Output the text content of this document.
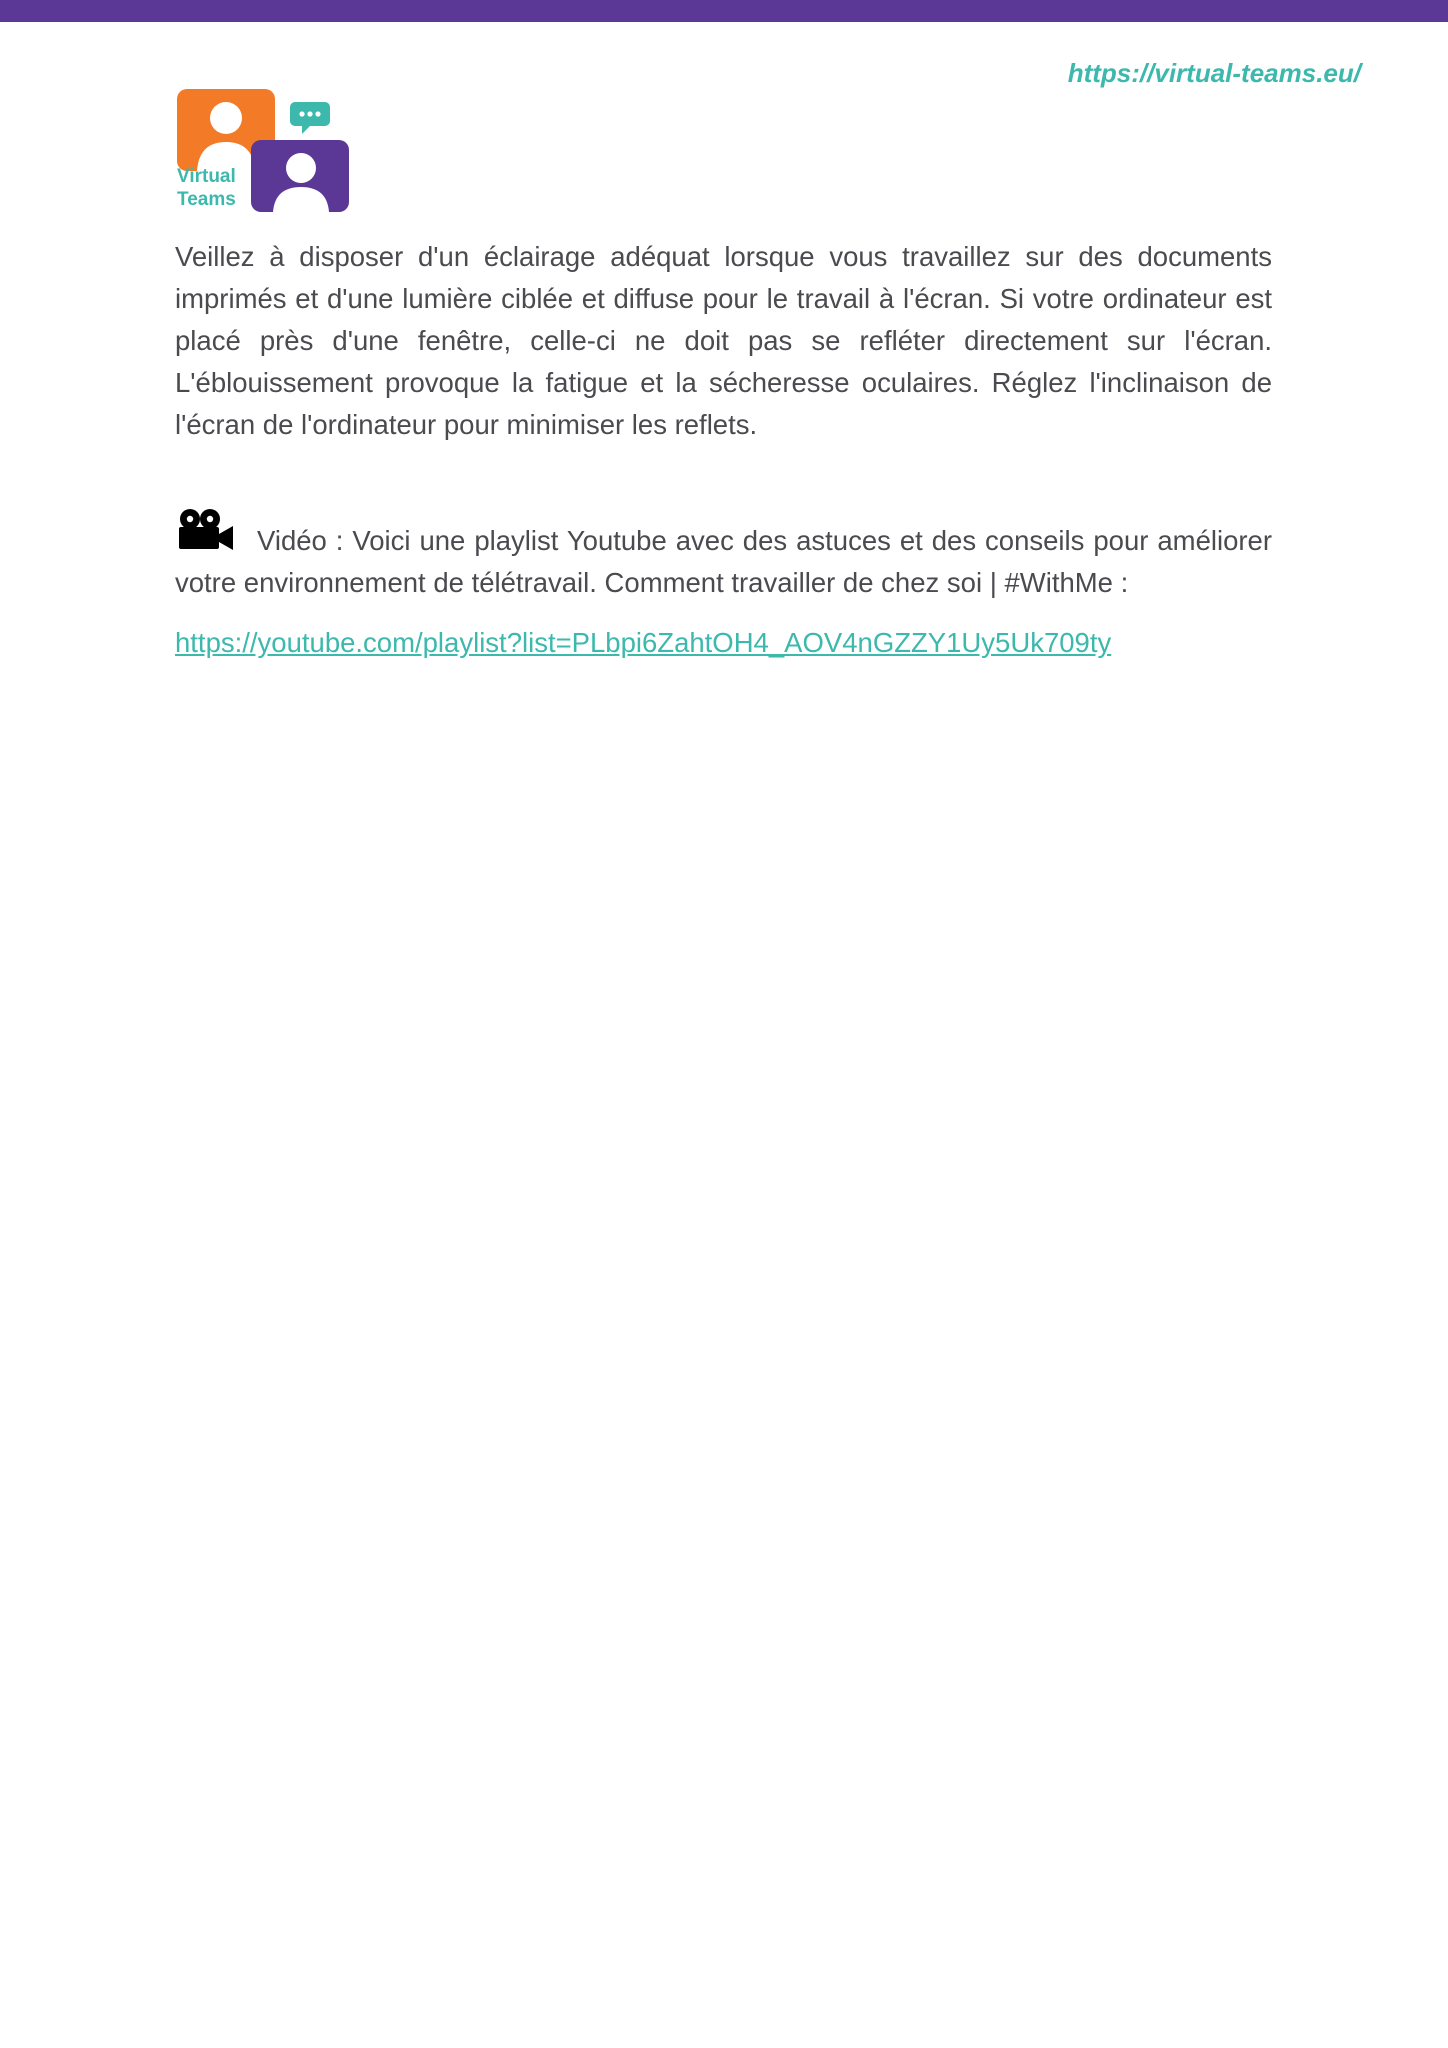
https://virtual-teams.eu/
Virtual
Teams

Veillez à disposer d'un éclairage adéquat lorsque vous travaillez sur des documents imprimés et d'une lumière ciblée et diffuse pour le travail à l'écran. Si votre ordinateur est placé près d'une fenêtre, celle-ci ne doit pas se refléter directement sur l'écran. L'éblouissement provoque la fatigue et la sécheresse oculaires. Réglez l'inclinaison de l'écran de l'ordinateur pour minimiser les reflets.

Vidéo : Voici une playlist Youtube avec des astuces et des conseils pour améliorer votre environnement de télétravail. Comment travailler de chez soi | #WithMe :

https://youtube.com/playlist?list=PLbpi6ZahtOH4_AOV4nGZZY1Uy5Uk709ty
